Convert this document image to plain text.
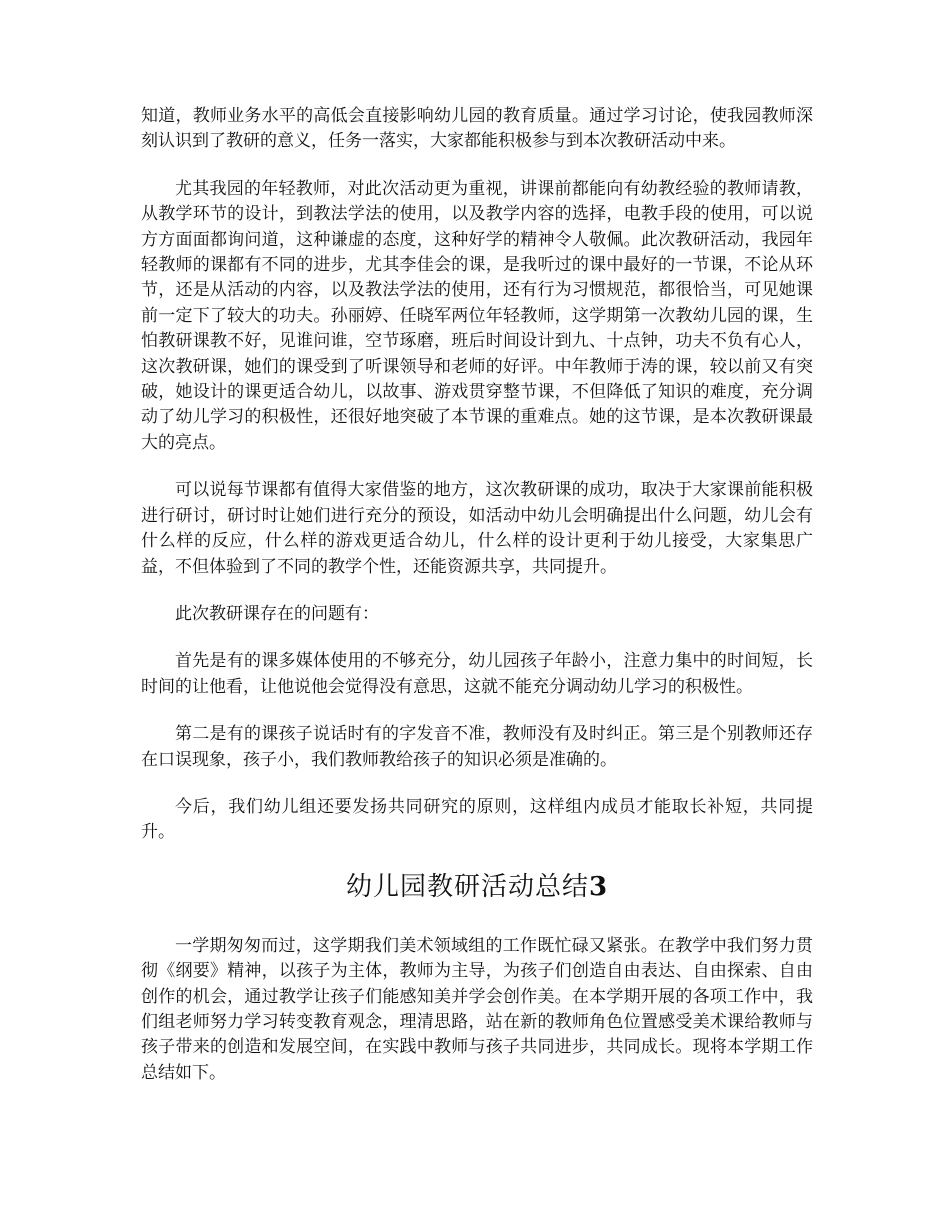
知道，教师业务水平的高低会直接影响幼儿园的教育质量。通过学习讨论，使我园教师深刻认识到了教研的意义，任务一落实，大家都能积极参与到本次教研活动中来。

尤其我园的年轻教师，对此次活动更为重视，讲课前都能向有幼教经验的教师请教，从教学环节的设计，到教法学法的使用，以及教学内容的选择，电教手段的使用，可以说方方面面都询问道，这种谦虚的态度，这种好学的精神令人敬佩。此次教研活动，我园年轻教师的课都有不同的进步，尤其李佳会的课，是我听过的课中最好的一节课，不论从环节，还是从活动的内容，以及教法学法的使用，还有行为习惯规范，都很恰当，可见她课前一定下了较大的功夫。孙丽婷、任晓军两位年轻教师，这学期第一次教幼儿园的课，生怕教研课教不好，见谁问谁，空节琢磨，班后时间设计到九、十点钟，功夫不负有心人，这次教研课，她们的课受到了听课领导和老师的好评。中年教师于涛的课，较以前又有突破，她设计的课更适合幼儿，以故事、游戏贯穿整节课，不但降低了知识的难度，充分调动了幼儿学习的积极性，还很好地突破了本节课的重难点。她的这节课，是本次教研课最大的亮点。

可以说每节课都有值得大家借鉴的地方，这次教研课的成功，取决于大家课前能积极进行研讨，研讨时让她们进行充分的预设，如活动中幼儿会明确提出什么问题，幼儿会有什么样的反应，什么样的游戏更适合幼儿，什么样的设计更利于幼儿接受，大家集思广益，不但体验到了不同的教学个性，还能资源共享，共同提升。

此次教研课存在的问题有：

首先是有的课多媒体使用的不够充分，幼儿园孩子年龄小，注意力集中的时间短，长时间的让他看，让他说他会觉得没有意思，这就不能充分调动幼儿学习的积极性。

第二是有的课孩子说话时有的字发音不准，教师没有及时纠正。第三是个别教师还存在口误现象，孩子小，我们教师教给孩子的知识必须是准确的。

今后，我们幼儿组还要发扬共同研究的原则，这样组内成员才能取长补短，共同提升。

幼儿园教研活动总结3

一学期匆匆而过，这学期我们美术领域组的工作既忙碌又紧张。在教学中我们努力贯彻《纲要》精神，以孩子为主体，教师为主导，为孩子们创造自由表达、自由探索、自由创作的机会，通过教学让孩子们能感知美并学会创作美。在本学期开展的各项工作中，我们组老师努力学习转变教育观念，理清思路，站在新的教师角色位置感受美术课给教师与孩子带来的创造和发展空间，在实践中教师与孩子共同进步，共同成长。现将本学期工作总结如下。
